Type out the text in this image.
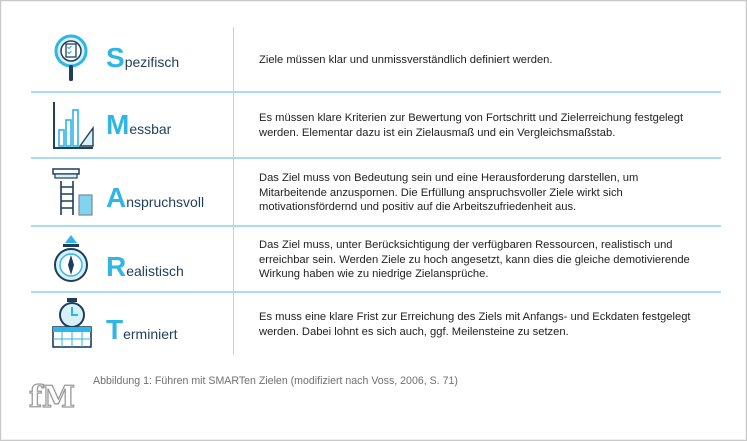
Spezifisch	Ziele müssen klar und unmissverständlich definiert werden.
Messbar
Es müssen klare Kriterien zur Bewertung von Fortschritt und Zielerreichung festgelegt werden. Elementar dazu ist ein Zielausmaß und ein Vergleichsmaßstab.
Anspruchsvoll
Das Ziel muss von Bedeutung sein und eine Herausforderung darstellen, um Mitarbeitende anzuspornen. Die Erfüllung anspruchsvoller Ziele wirkt sich motivationsfördernd und positiv auf die Arbeitszufriedenheit aus.
Realistisch
Das Ziel muss, unter Berücksichtigung der verfügbaren Ressourcen, realistisch und erreichbar sein. Werden Ziele zu hoch angesetzt, kann dies die gleiche demotivierende Wirkung haben wie zu niedrige Zielansprüche.
Terminiert
Es muss eine klare Frist zur Erreichung des Ziels mit Anfangs- und Eckdaten festgelegt werden. Dabei lohnt es sich auch, ggf. Meilensteine zu setzen.
fM Abbildung 1: Führen mit SMARTen Zielen (modifiziert nach Voss, 2006, S. 71)
